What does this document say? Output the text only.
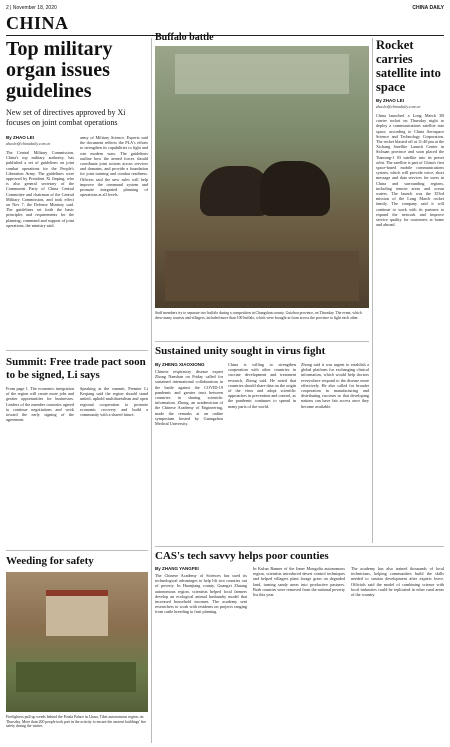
2 | November 18, 2020	CHINA DAILY
CHINA
Top military organ issues guidelines
New set of directives approved by Xi focuses on joint combat operations
By ZHAO LEI
zhaolei@chinadaily.com.cn
The Central Military Commission, China's top military authority, has published a set of guidelines on joint combat operations for the People's Liberation Army. The guidelines were approved by President Xi Jinping, who is also general secretary of the Communist Party of China Central Committee and chairman of the Central Military Commission, and took effect on Nov 7, the Defense Ministry said. The guidelines set forth the basic principles and requirements for the planning, command and support of joint operations, the ministry said.
army of Military Science. Experts said the document reflects the PLA's efforts to strengthen its capabilities to fight and win modern wars. The guidelines outline how the armed forces should coordinate joint actions across services and domains, and provide a foundation for joint training and combat readiness. Officers said the new rules will help improve the command system and promote integrated planning of operations at all levels.
Summit: Free trade pact soon to be signed, Li says
From page 1. The economic integration of the region will create more jobs and greater opportunities for businesses. Leaders of the member countries agreed to continue negotiations and work toward the early signing of the agreement.
Speaking at the summit, Premier Li Keqiang said the region should stand united, uphold multilateralism and open regional cooperation to promote economic recovery and build a community with a shared future.
Weeding for safety
Firefighters pull up weeds behind the Potala Palace in Lhasa, Tibet autonomous region, on Thursday. More than 200 people took part in the activity to ensure the ancient buildings' fire safety during the winter.
Buffalo battle
Staff members try to separate two buffalo during a competition in Changshun county, Guizhou province, on Thursday. The event, which drew many tourists and villagers, included more than 100 buffalo, which were brought in from across the province to fight each other.
Sustained unity sought in virus fight
By ZHENG XIAOXIONG
Chinese respiratory disease expert Zhong Nanshan on Friday called for sustained international collaboration in the battle against the COVID-19 pandemic and greater trust between countries in sharing scientific information. Zhong, an academician of the Chinese Academy of Engineering, made the remarks at an online symposium hosted by Guangzhou Medical University.
China is willing to strengthen cooperation with other countries in vaccine development and treatment research, Zhong said. He noted that countries should share data on the origin of the virus and adopt scientific approaches in prevention and control, as the pandemic continues to spread in many parts of the world.
Zhong said it was urgent to establish a global platform for exchanging clinical information, which would help doctors everywhere respond to the disease more effectively. He also called for broader cooperation in manufacturing and distributing vaccines so that developing nations can have fair access once they become available.
CAS's tech savvy helps poor counties
By ZHANG YANGFEI
The Chinese Academy of Sciences has used its technological advantages to help lift two counties out of poverty. In Huanjiang county, Guangxi Zhuang autonomous region, scientists helped local farmers develop an ecological animal husbandry model that increased household incomes. The academy sent researchers to work with residents on projects ranging from cattle breeding to fruit planting.
In Kulun Banner of the Inner Mongolia autonomous region, scientists introduced desert control techniques and helped villagers plant forage grass on degraded land, turning sandy areas into productive pastures. Both counties were removed from the national poverty list this year.
The academy has also trained thousands of local technicians, helping communities build the skills needed to sustain development after experts leave. Officials said the model of combining science with local industries could be replicated in other rural areas of the country.
Rocket carries satellite into space
By ZHAO LEI
zhaolei@chinadaily.com.cn
China launched a Long March 3B carrier rocket on Thursday night to deploy a communications satellite into space, according to China Aerospace Science and Technology Corporation. The rocket blasted off at 11:40 pm at the Xichang Satellite Launch Center in Sichuan province and soon placed the Tiantong-1 03 satellite into its preset orbit. The satellite is part of China's first space-based mobile communications system, which will provide voice, short message and data services for users in China and surrounding regions, including remote areas and ocean waters. The launch was the 353rd mission of the Long March rocket family. The company said it will continue to work with its partners to expand the network and improve service quality for customers at home and abroad.
